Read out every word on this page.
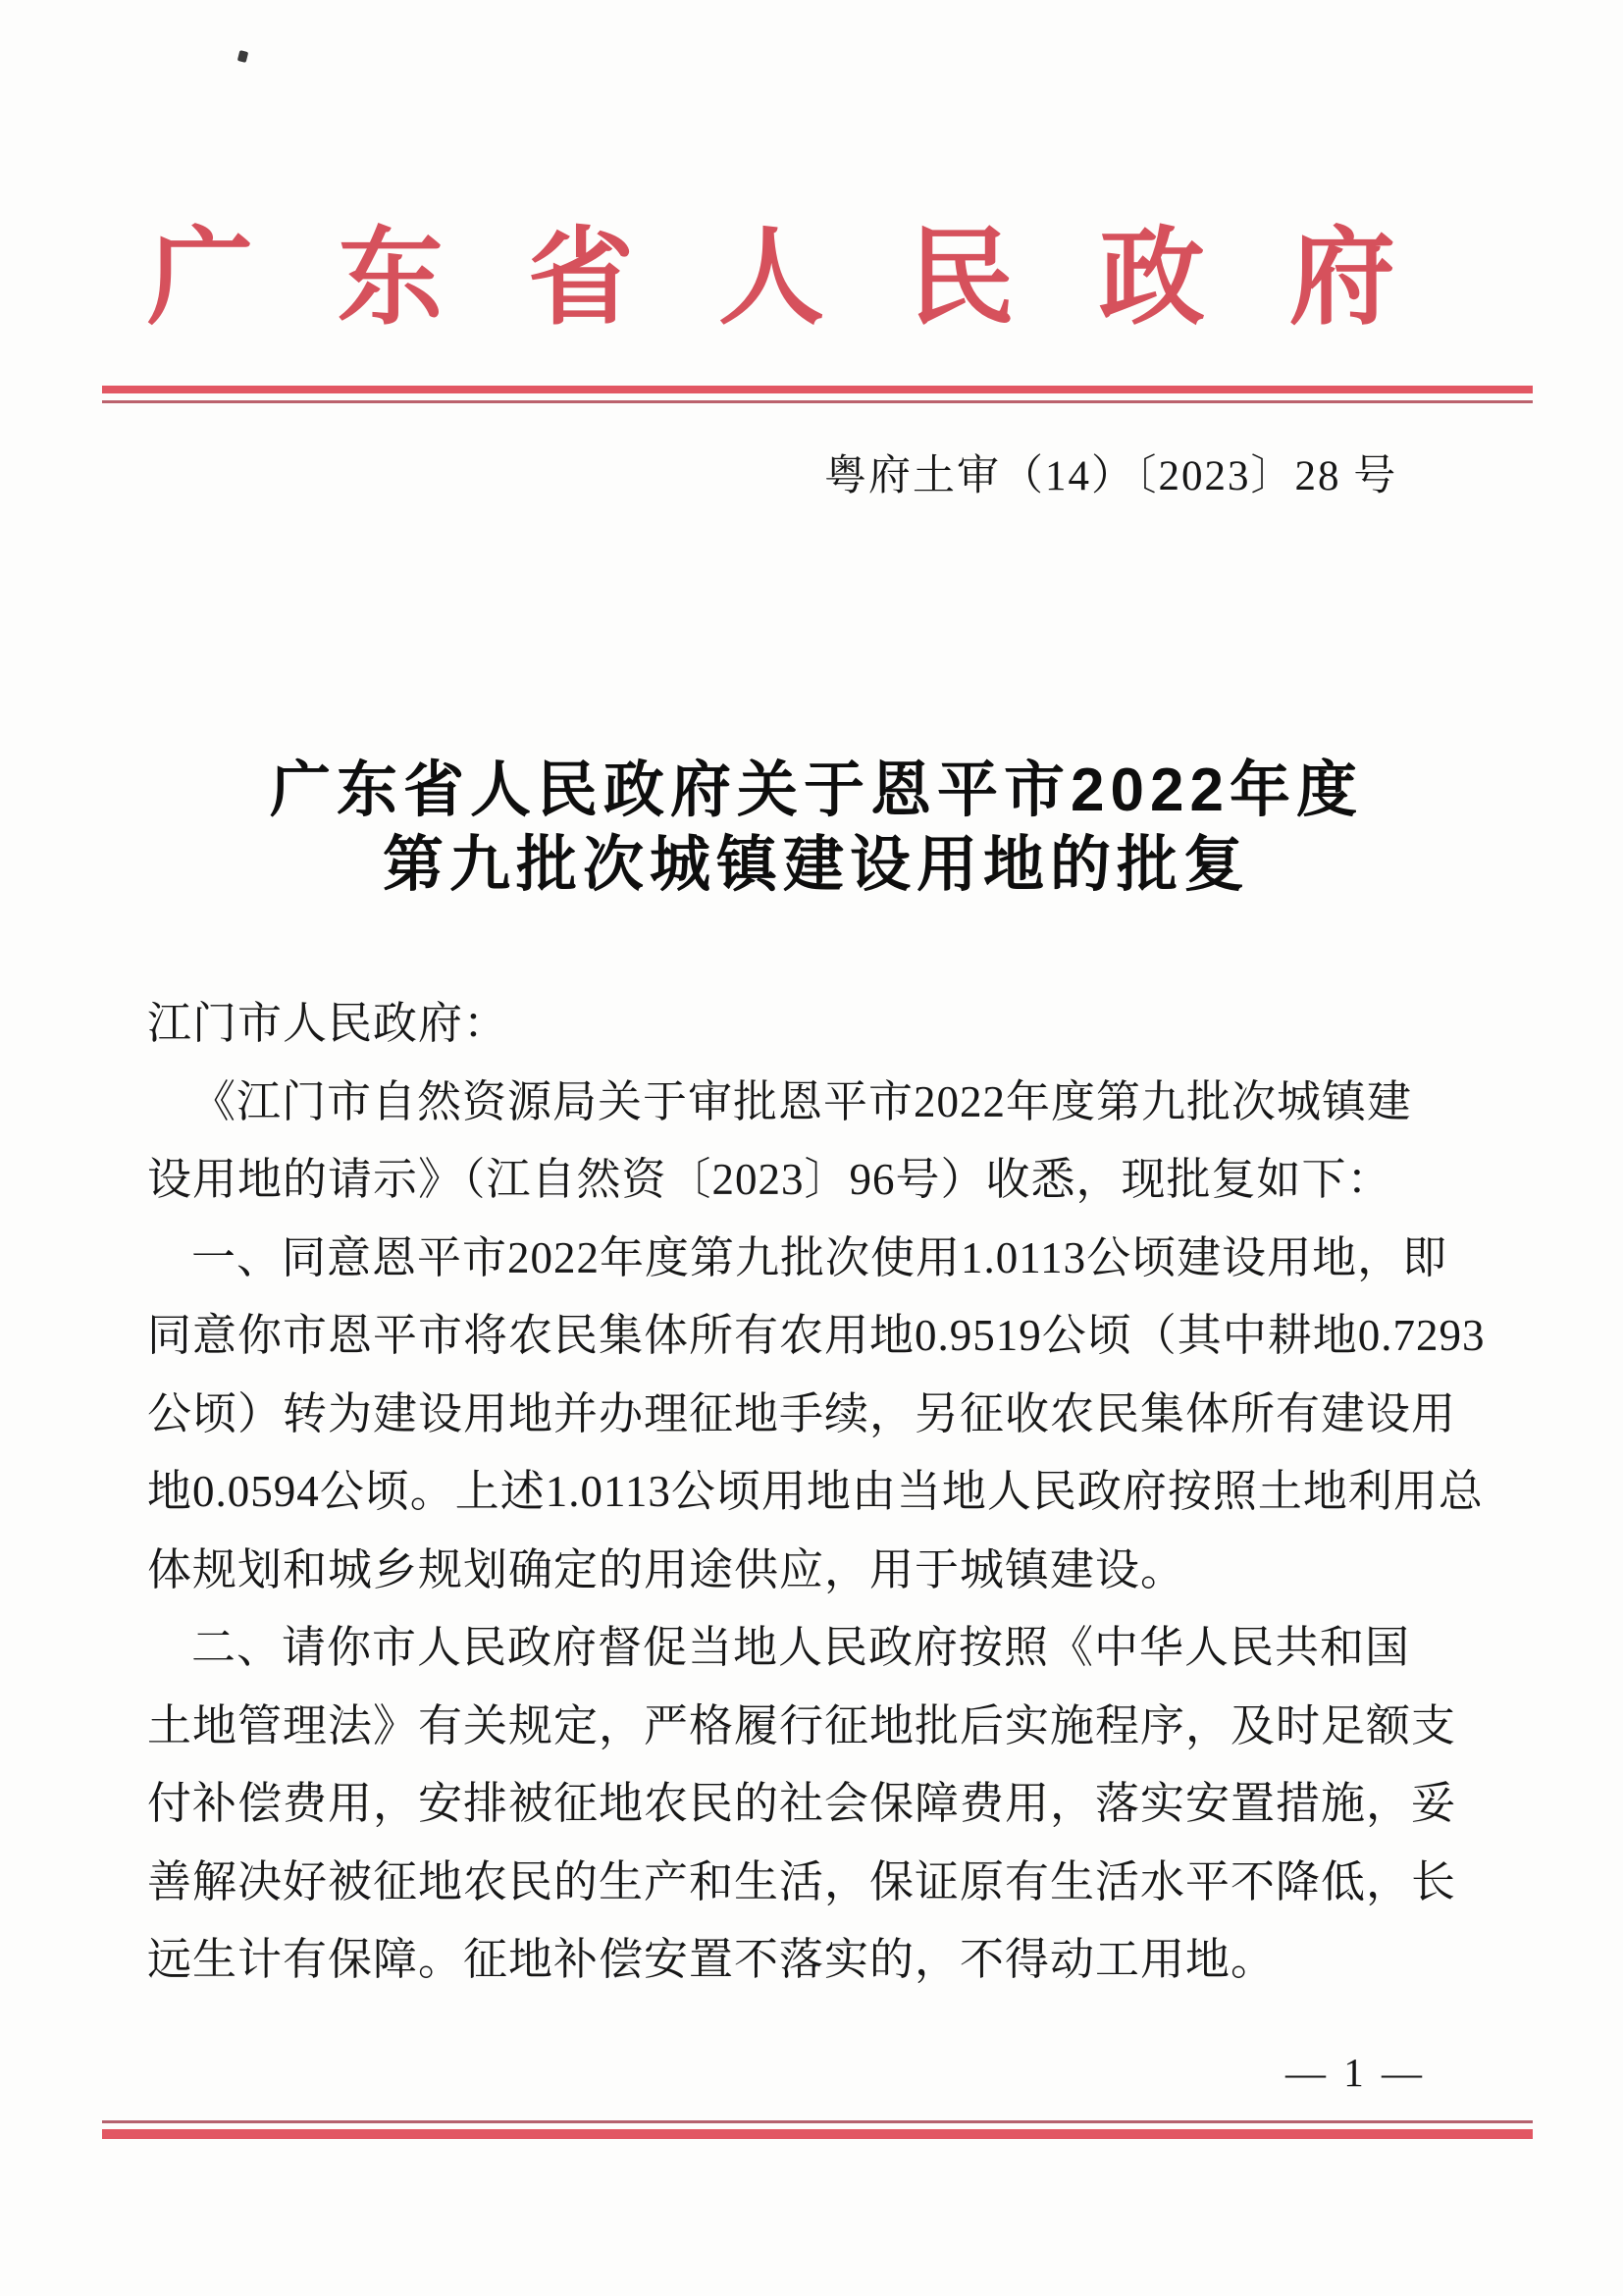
广 东 省 人 民 政 府
粤府土审（14）〔2023〕28 号
广东省人民政府关于恩平市2022年度
第九批次城镇建设用地的批复
江门市人民政府：
《江门市自然资源局关于审批恩平市2022年度第九批次城镇建
设用地的请示》（江自然资〔2023〕96号）收悉，现批复如下：
一、同意恩平市2022年度第九批次使用1.0113公顷建设用地，即
同意你市恩平市将农民集体所有农用地0.9519公顷（其中耕地0.7293
公顷）转为建设用地并办理征地手续，另征收农民集体所有建设用
地0.0594公顷。上述1.0113公顷用地由当地人民政府按照土地利用总
体规划和城乡规划确定的用途供应，用于城镇建设。
二、请你市人民政府督促当地人民政府按照《中华人民共和国
土地管理法》有关规定，严格履行征地批后实施程序，及时足额支
付补偿费用，安排被征地农民的社会保障费用，落实安置措施，妥
善解决好被征地农民的生产和生活，保证原有生活水平不降低，长
远生计有保障。征地补偿安置不落实的，不得动工用地。
— 1 —
